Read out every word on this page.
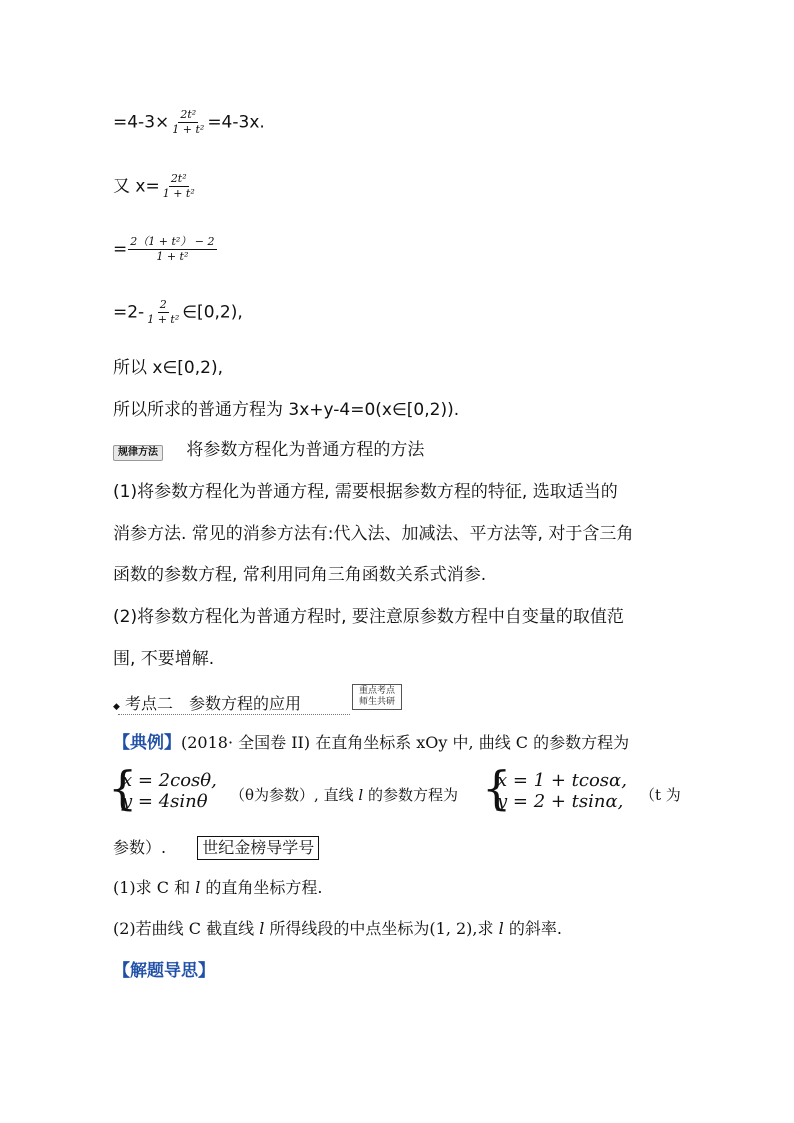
$=4-3\times \frac{\text{2t²}}{\text{1 + t²}} =4-3x$.
又 $x= \frac{\text{2t²}}{\text{1 + t²}}$
= $\frac{\text{2（1 + t²） − 2}}{\text{1 + t²}}$
$=2- \frac{2}{\text{1 + t²}}$ ∈[0,2),
所以 x∈[0,2),
所以所求的普通方程为 3x+y-4=0(x∈[0,2)).
规律方法 将参数方程化为普通方程的方法
(1)将参数方程化为普通方程, 需要根据参数方程的特征, 选取适当的
消参方法. 常见的消参方法有:代入法、加减法、平方法等, 对于含三角
函数的参数方程, 常利用同角三角函数关系式消参.
(2)将参数方程化为普通方程时, 要注意原参数方程中自变量的取值范
围, 不要增解.
◆ 考点二　参数方程的应用
重点考点
师生共研
【典例】(2018· 全国卷 II) 在直角坐标系 xOy 中, 曲线 C 的参数方程为
{
x = 2cosθ,
y = 4sinθ （θ为参数）, 直线 l 的参数方程为 {
x = 1 + tcosα,
y = 2 + tsinα, （t 为
参数）. 世纪金榜导学号
(1)求 C 和 l 的直角坐标方程.
(2)若曲线 C 截直线 l 所得线段的中点坐标为(1, 2),求 l 的斜率.
【解题导思】
